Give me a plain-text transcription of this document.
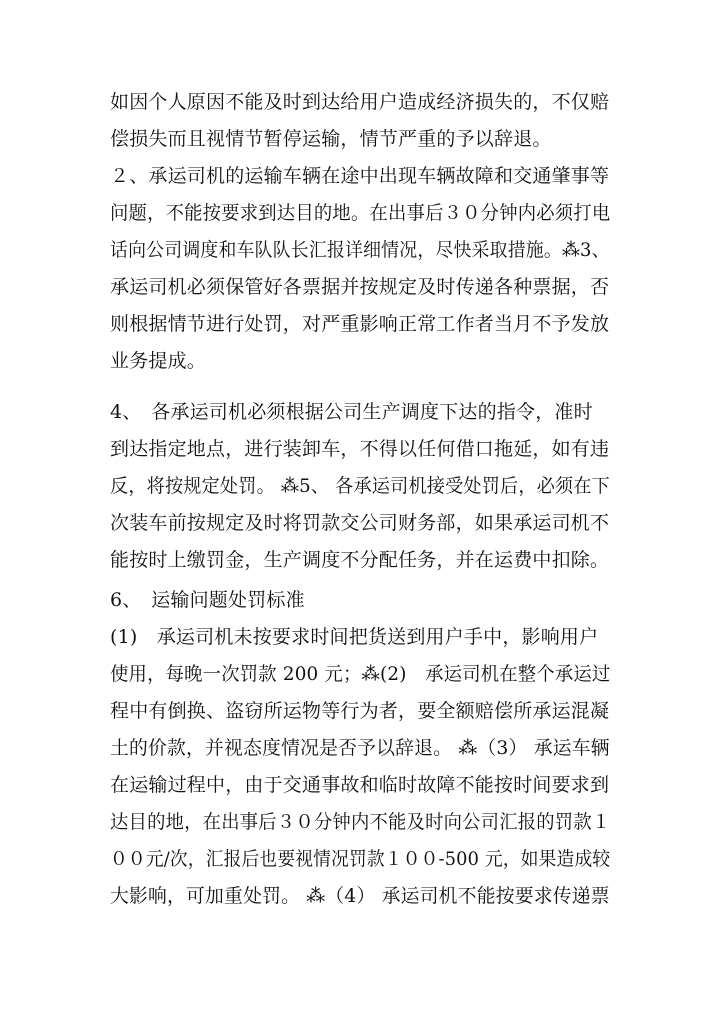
如因个人原因不能及时到达给用户造成经济损失的，不仅赔
偿损失而且视情节暂停运输，情节严重的予以辞退。
２、承运司机的运输车辆在途中出现车辆故障和交通肇事等
问题，不能按要求到达目的地。在出事后３０分钟内必须打电
话向公司调度和车队队长汇报详细情况，尽快采取措施。⁂3、
承运司机必须保管好各票据并按规定及时传递各种票据，否
则根据情节进行处罚，对严重影响正常工作者当月不予发放
业务提成。
4、　各承运司机必须根据公司生产调度下达的指令，准时
到达指定地点，进行装卸车，不得以任何借口拖延，如有违
反，将按规定处罚。 ⁂5、 各承运司机接受处罚后，必须在下
次装车前按规定及时将罚款交公司财务部，如果承运司机不
能按时上缴罚金，生产调度不分配任务，并在运费中扣除。
6、　运输问题处罚标准
(1)　承运司机未按要求时间把货送到用户手中，影响用户
使用，每晚一次罚款 200 元；⁂(2)　承运司机在整个承运过
程中有倒换、盗窃所运物等行为者，要全额赔偿所承运混凝
土的价款，并视态度情况是否予以辞退。 ⁂（3） 承运车辆
在运输过程中，由于交通事故和临时故障不能按时间要求到
达目的地，在出事后３０分钟内不能及时向公司汇报的罚款１
００元/次，汇报后也要视情况罚款１００-500 元，如果造成较
大影响，可加重处罚。 ⁂（4） 承运司机不能按要求传递票
